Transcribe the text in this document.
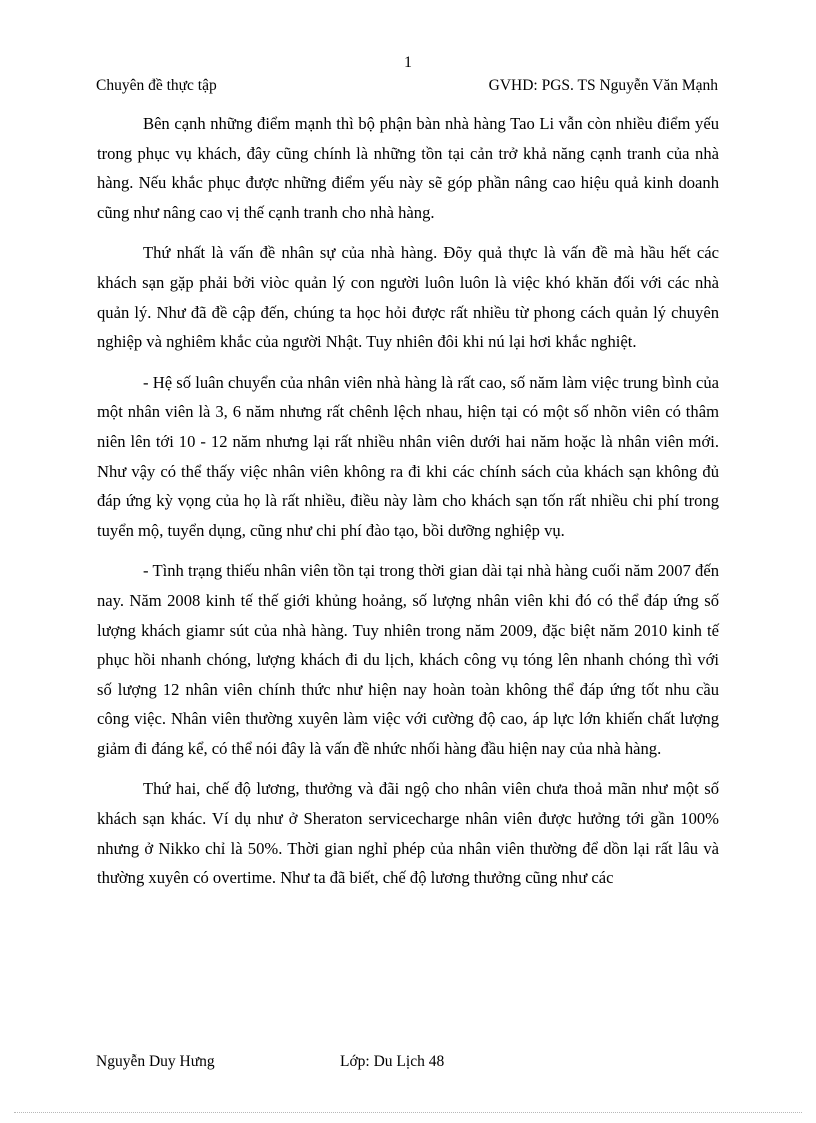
1
Chuyên đề thực tập	GVHD: PGS. TS Nguyễn Văn Mạnh

Bên cạnh những điểm mạnh thì bộ phận bàn nhà hàng Tao Li vẫn còn nhiều điểm yếu trong phục vụ khách, đây cũng chính là những tồn tại cản trở khả năng cạnh tranh của nhà hàng. Nếu khắc phục được những điểm yếu này sẽ góp phần nâng cao hiệu quả kinh doanh cũng như nâng cao vị thế cạnh tranh cho nhà hàng.

Thứ nhất là vấn đề nhân sự của nhà hàng. Đõy quả thực là vấn đề mà hầu hết các khách sạn gặp phải bởi viòc quản lý con người luôn luôn là việc khó khăn đối với các nhà quản lý. Như đã đề cập đến, chúng ta học hỏi được rất nhiều từ phong cách quản lý chuyên nghiệp và nghiêm khắc của người Nhật. Tuy nhiên đôi khi nú lại hơi khắc nghiệt.

- Hệ số luân chuyển của nhân viên nhà hàng là rất cao, số năm làm việc trung bình của một nhân viên là 3, 6 năm nhưng rất chênh lệch nhau, hiện tại có một số nhõn viên có thâm niên lên tới 10 - 12 năm nhưng lại rất nhiều nhân viên dưới hai năm hoặc là nhân viên mới. Như vậy có thể thấy việc nhân viên không ra đi khi các chính sách của khách sạn không đủ đáp ứng kỳ vọng của họ là rất nhiều, điều này làm cho khách sạn tốn rất nhiều chi phí trong tuyển mộ, tuyển dụng, cũng như chi phí đào tạo, bồi dưỡng nghiệp vụ.

- Tình trạng thiếu nhân viên tồn tại trong thời gian dài tại nhà hàng cuối năm 2007 đến nay. Năm 2008 kinh tế thế giới khủng hoảng, số lượng nhân viên khi đó có thể đáp ứng số lượng khách giamr sút của nhà hàng. Tuy nhiên trong năm 2009, đặc biệt năm 2010 kinh tế phục hồi nhanh chóng, lượng khách đi du lịch, khách công vụ tóng lên nhanh chóng thì với số lượng 12 nhân viên chính thức như hiện nay hoàn toàn không thể đáp ứng tốt nhu cầu công việc. Nhân viên thường xuyên làm việc với cường độ cao, áp lực lớn khiến chất lượng giảm đi đáng kể, có thể nói đây là vấn đề nhức nhối hàng đầu hiện nay của nhà hàng.

Thứ hai, chế độ lương, thưởng và đãi ngộ cho nhân viên chưa thoả mãn như một số khách sạn khác. Ví dụ như ở Sheraton servicecharge nhân viên được hưởng tới gần 100% nhưng ở Nikko chỉ là 50%. Thời gian nghỉ phép của nhân viên thường để dồn lại rất lâu và thường xuyên có overtime. Như ta đã biết, chế độ lương thưởng cũng như các

Nguyễn Duy Hưng	Lớp: Du Lịch 48
